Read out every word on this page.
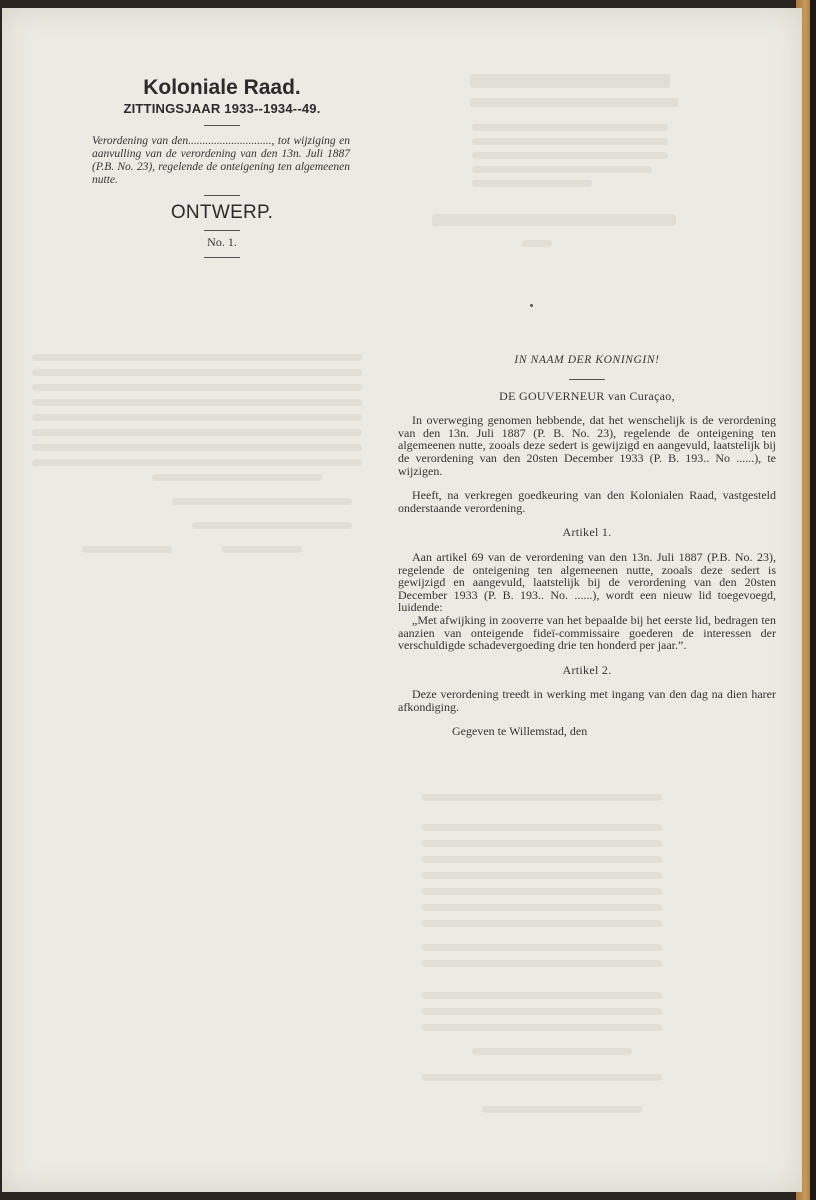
Koloniale Raad.

ZITTINGSJAAR 1933--1934--49.

Verordening van den............................., tot wijziging en aanvulling van de verordening van den 13n. Juli 1887 (P.B. No. 23), regelende de onteigening ten algemeenen nutte.

ONTWERP.

No. 1.

IN NAAM DER KONINGIN!
DE GOUVERNEUR van Curaçao,

In overweging genomen hebbende, dat het wenschelijk is de verordening van den 13n. Juli 1887 (P. B. No. 23), regelende de onteigening ten algemeenen nutte, zooals deze sedert is gewijzigd en aangevuld, laatstelijk bij de verordening van den 20sten December 1933 (P. B. 193.. No ......), te wijzigen.

Heeft, na verkregen goedkeuring van den Kolonialen Raad, vastgesteld onderstaande verordening.

Artikel 1.

Aan artikel 69 van de verordening van den 13n. Juli 1887 (P.B. No. 23), regelende de onteigening ten algemeenen nutte, zooals deze sedert is gewijzigd en aangevuld, laatstelijk bij de verordening van den 20sten December 1933 (P. B. 193.. No. ......), wordt een nieuw lid toegevoegd, luidende:

„Met afwijking in zooverre van het bepaalde bij het eerste lid, bedragen ten aanzien van onteigende fideï-commissaire goederen de interessen der verschuldigde schadevergoeding drie ten honderd per jaar.”.

Artikel 2.

Deze verordening treedt in werking met ingang van den dag na dien harer afkondiging.

Gegeven te Willemstad, den
